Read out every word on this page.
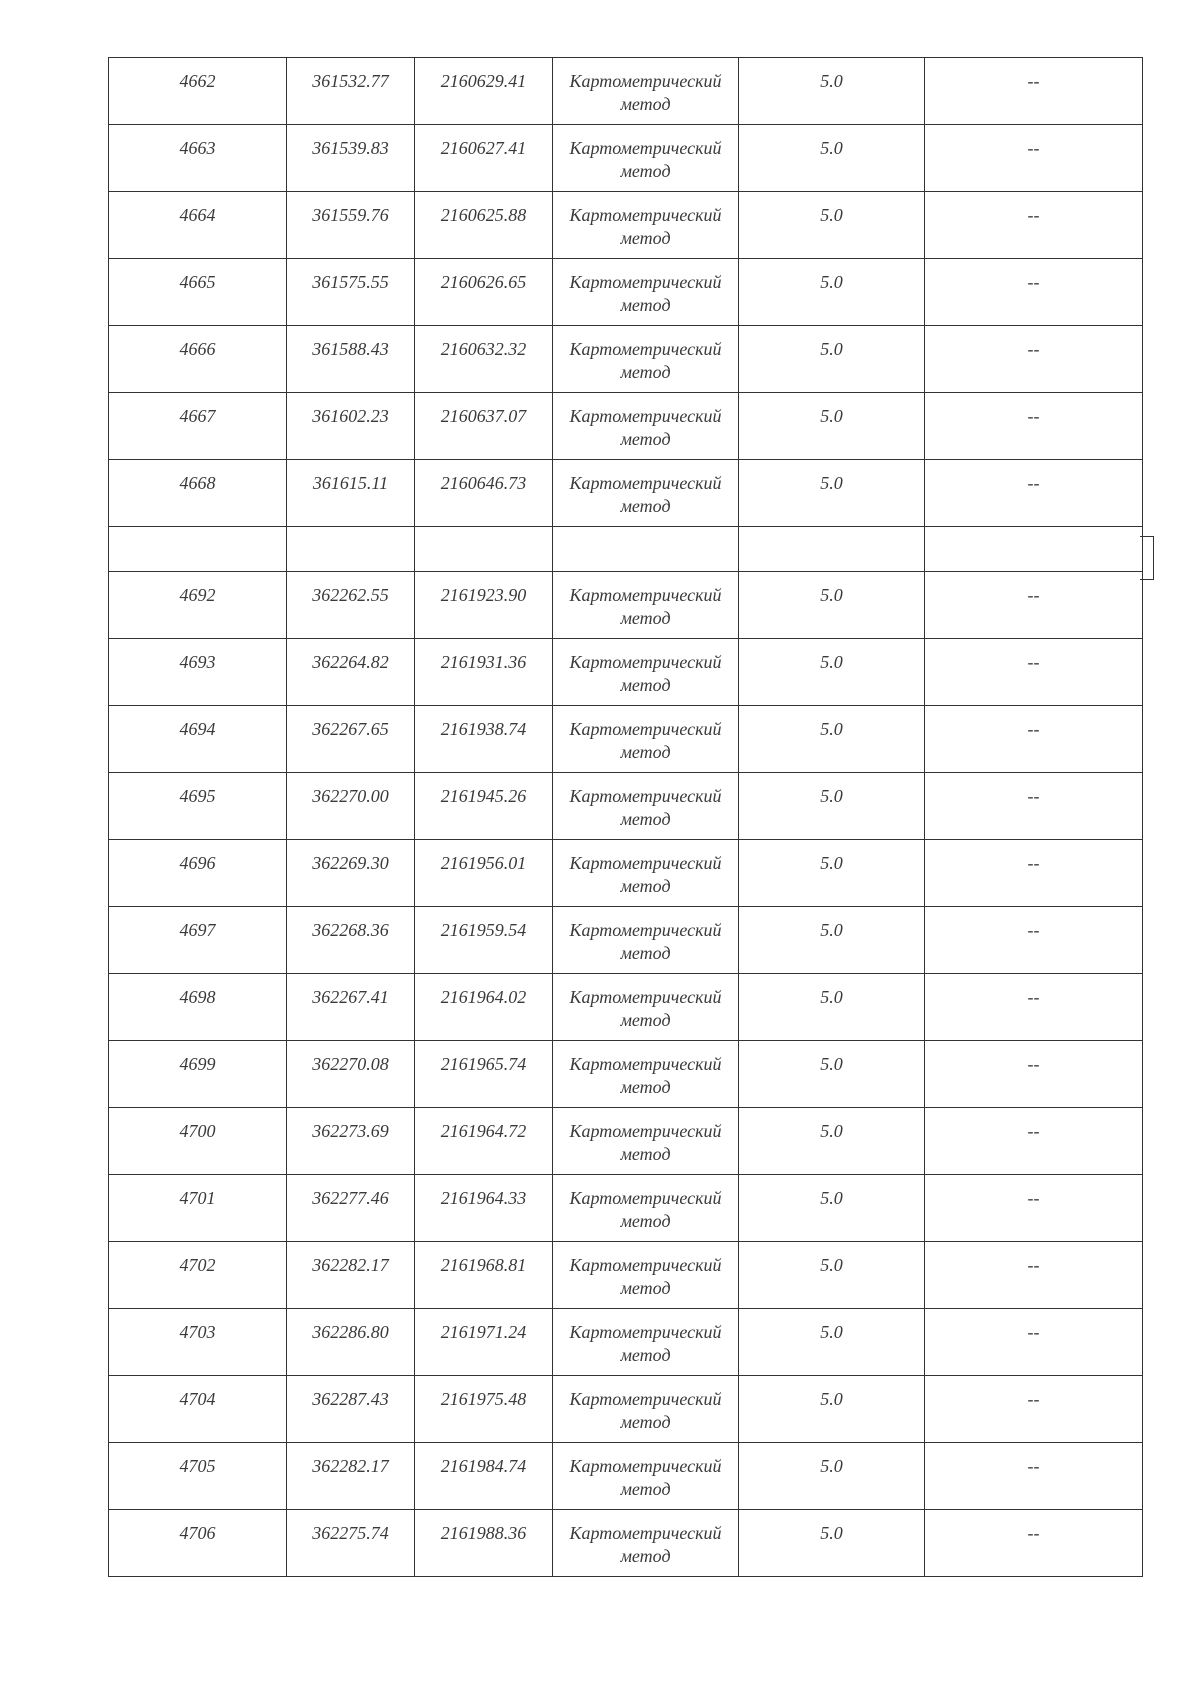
4662	361532.77	2160629.41	Картометрический метод	5.0	--

4663	361539.83	2160627.41	Картометрический метод	5.0	--

4664	361559.76	2160625.88	Картометрический метод	5.0	--

4665	361575.55	2160626.65	Картометрический метод	5.0	--

4666	361588.43	2160632.32	Картометрический метод	5.0	--

4667	361602.23	2160637.07	Картометрический метод	5.0	--

4668	361615.11	2160646.73	Картометрический метод	5.0	--

4692	362262.55	2161923.90	Картометрический метод	5.0	--

4693	362264.82	2161931.36	Картометрический метод	5.0	--

4694	362267.65	2161938.74	Картометрический метод	5.0	--

4695	362270.00	2161945.26	Картометрический метод	5.0	--

4696	362269.30	2161956.01	Картометрический метод	5.0	--

4697	362268.36	2161959.54	Картометрический метод	5.0	--

4698	362267.41	2161964.02	Картометрический метод	5.0	--

4699	362270.08	2161965.74	Картометрический метод	5.0	--

4700	362273.69	2161964.72	Картометрический метод	5.0	--

4701	362277.46	2161964.33	Картометрический метод	5.0	--

4702	362282.17	2161968.81	Картометрический метод	5.0	--

4703	362286.80	2161971.24	Картометрический метод	5.0	--

4704	362287.43	2161975.48	Картометрический метод	5.0	--

4705	362282.17	2161984.74	Картометрический метод	5.0	--

4706	362275.74	2161988.36	Картометрический метод	5.0	--
